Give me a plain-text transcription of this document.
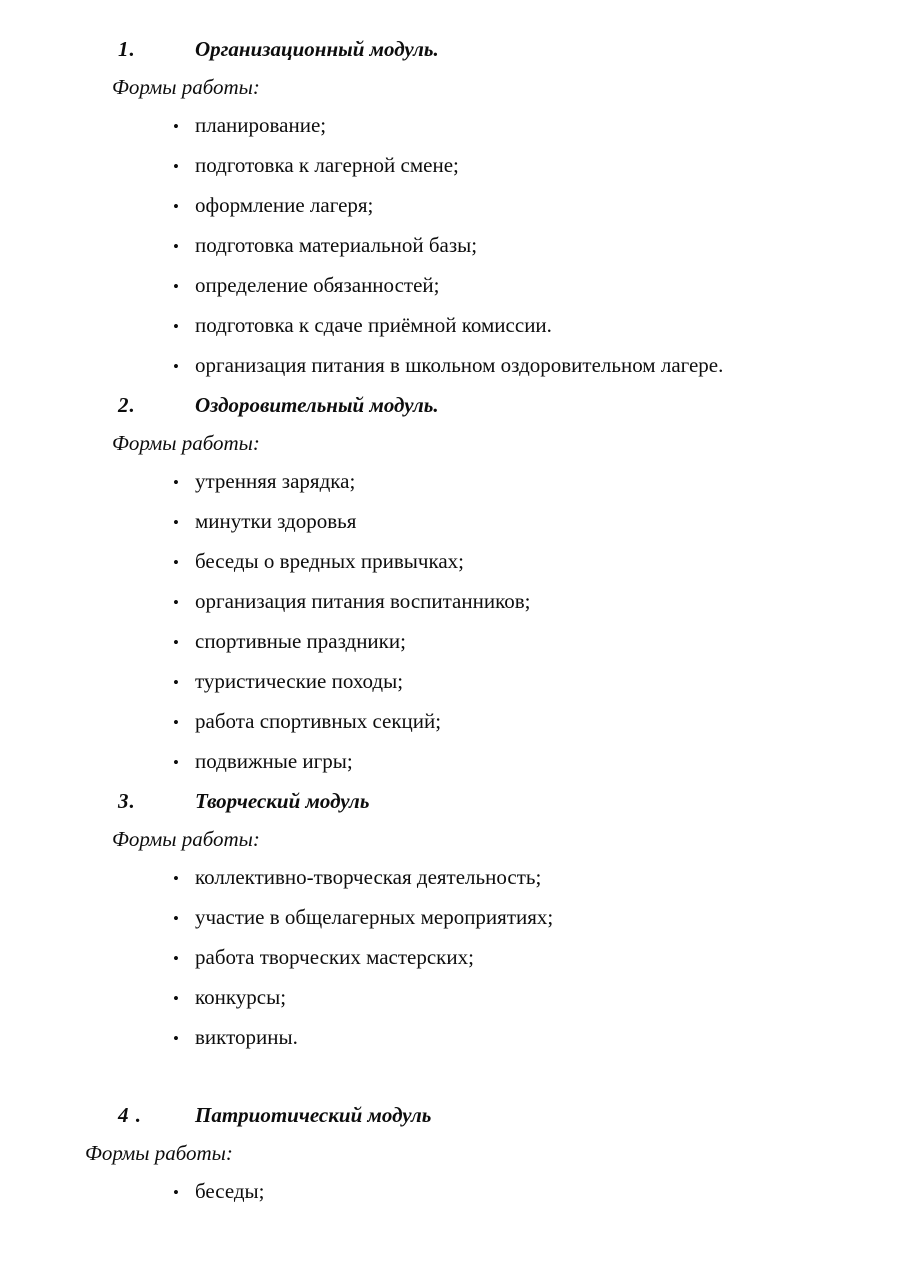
1.	Организационный модуль.

Формы работы:

• планирование;
• подготовка к лагерной смене;
• оформление лагеря;
• подготовка материальной базы;
• определение обязанностей;
• подготовка к сдаче приёмной комиссии.
• организация питания в школьном оздоровительном лагере.

2.	Оздоровительный модуль.

Формы работы:

• утренняя зарядка;
• минутки здоровья
• беседы о вредных привычках;
• организация питания воспитанников;
• спортивные праздники;
• туристические походы;
• работа спортивных секций;
• подвижные игры;

3.	Творческий модуль

Формы работы:

• коллективно-творческая деятельность;
• участие в общелагерных мероприятиях;
• работа творческих мастерских;
• конкурсы;
• викторины.

4 .	Патриотический модуль

Формы работы:

• беседы;
